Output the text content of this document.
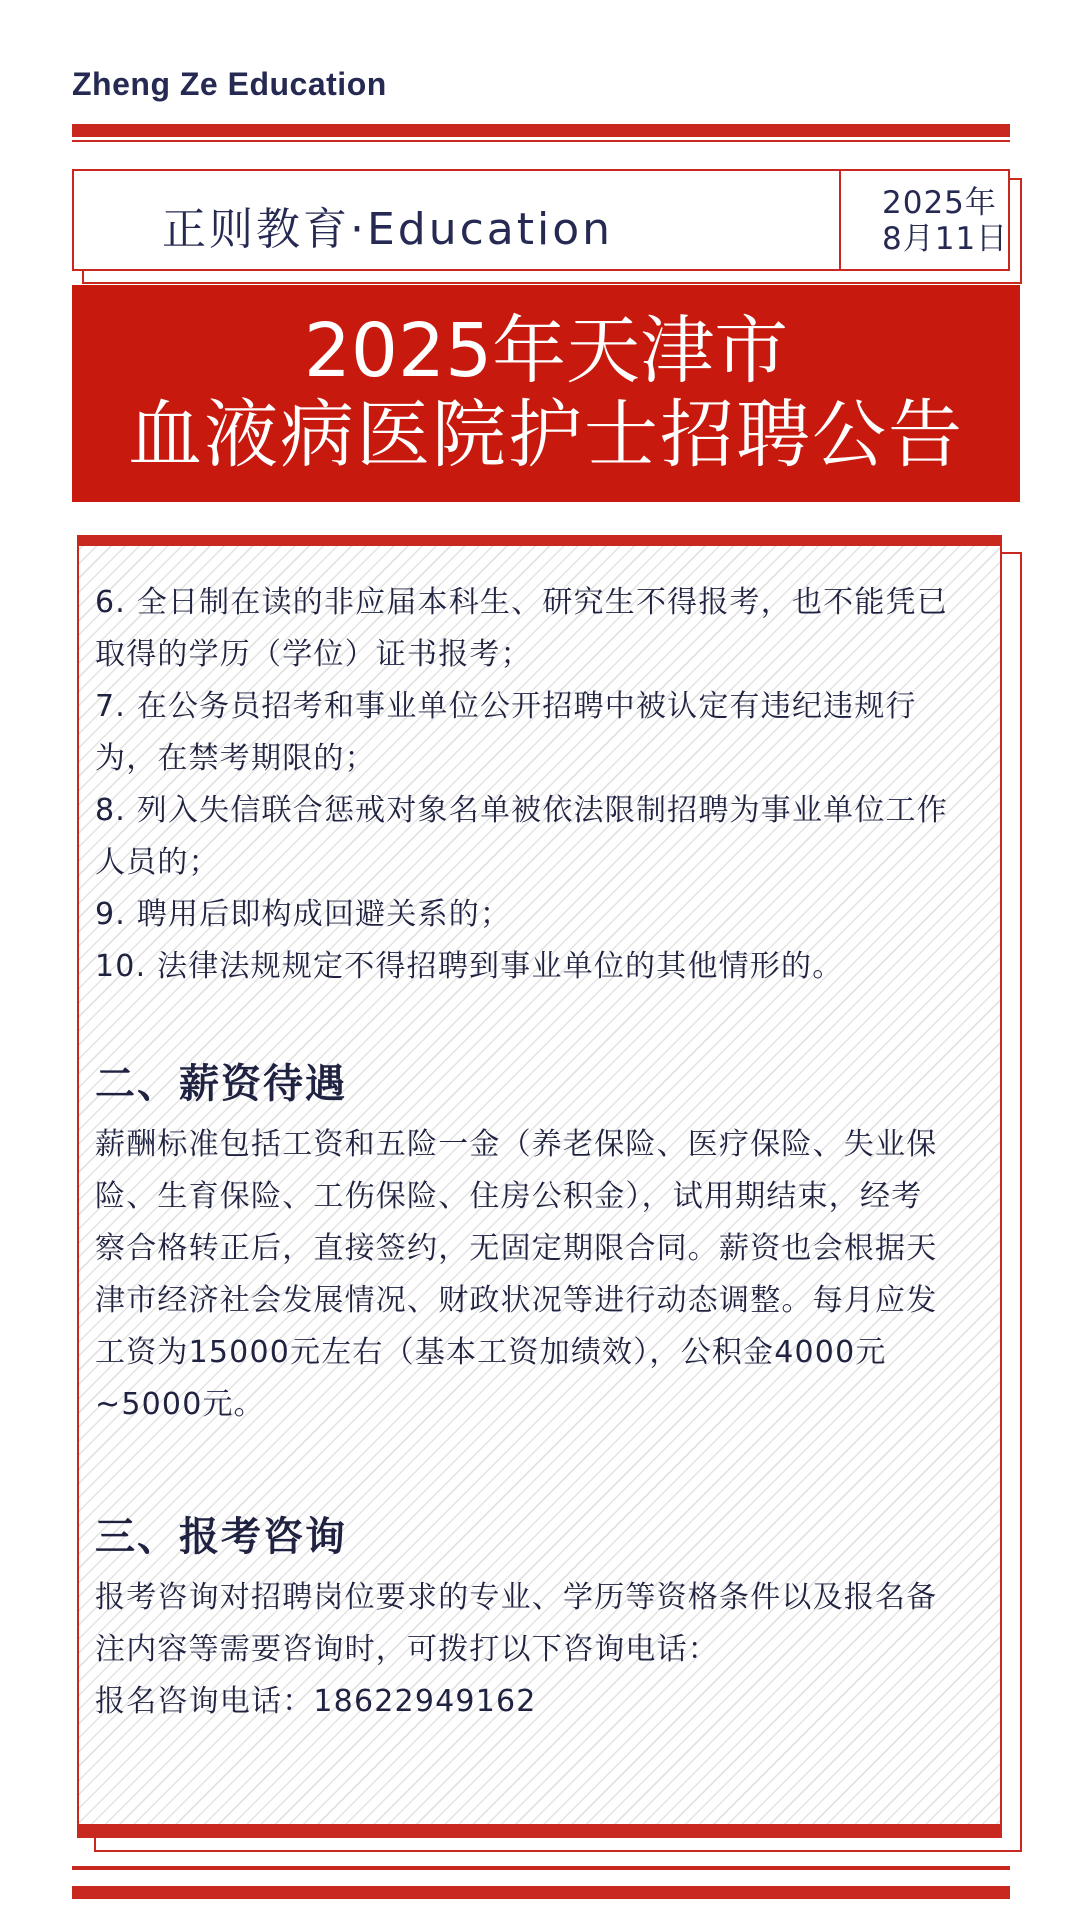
Zheng Ze Education
正则教育·Education
2025年
8月11日
2025年天津市
血液病医院护士招聘公告
6. 全日制在读的非应届本科生、研究生不得报考，也不能凭已
取得的学历（学位）证书报考；
7. 在公务员招考和事业单位公开招聘中被认定有违纪违规行
为，在禁考期限的；
8. 列入失信联合惩戒对象名单被依法限制招聘为事业单位工作
人员的；
9. 聘用后即构成回避关系的；
10. 法律法规规定不得招聘到事业单位的其他情形的。
二、薪资待遇
薪酬标准包括工资和五险一金（养老保险、医疗保险、失业保
险、生育保险、工伤保险、住房公积金），试用期结束，经考
察合格转正后，直接签约，无固定期限合同。薪资也会根据天
津市经济社会发展情况、财政状况等进行动态调整。每月应发
工资为15000元左右（基本工资加绩效），公积金4000元
~5000元。
三、报考咨询
报考咨询对招聘岗位要求的专业、学历等资格条件以及报名备
注内容等需要咨询时，可拨打以下咨询电话：
报名咨询电话：18622949162
